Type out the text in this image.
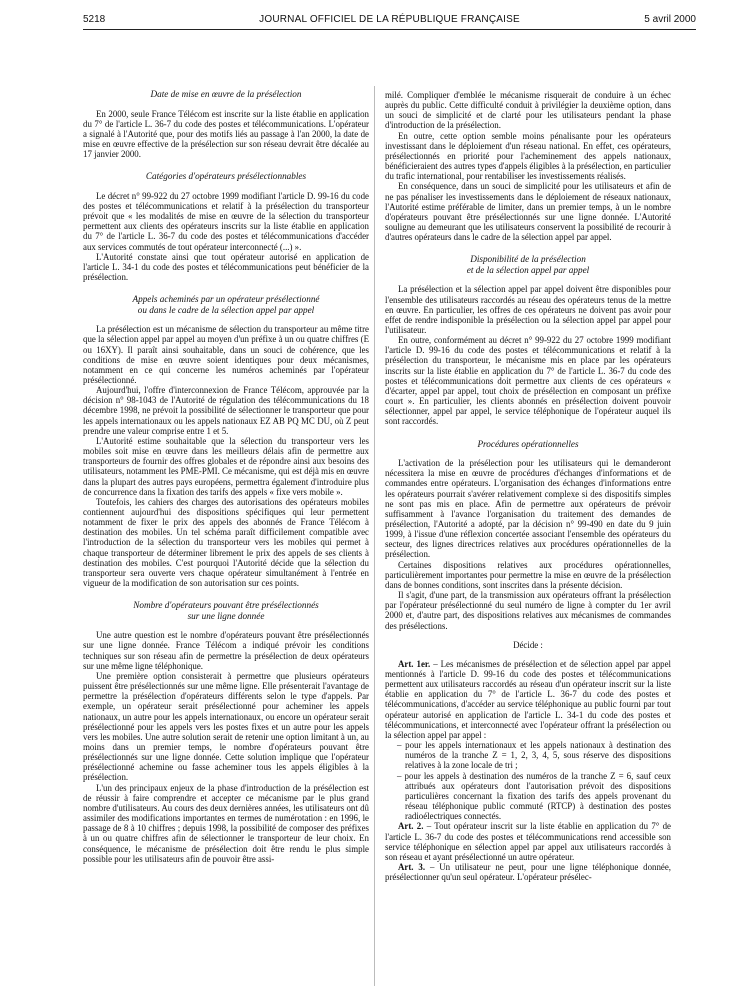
5218	JOURNAL OFFICIEL DE LA RÉPUBLIQUE FRANÇAISE	5 avril 2000
Date de mise en œuvre de la présélection

En 2000, seule France Télécom est inscrite sur la liste établie en application du 7° de l'article L. 36-7 du code des postes et télécommunications. L'opérateur a signalé à l'Autorité que, pour des motifs liés au passage à l'an 2000, la date de mise en œuvre effective de la présélection sur son réseau devrait être décalée au 17 janvier 2000.

Catégories d'opérateurs présélectionnables

Le décret n° 99-922 du 27 octobre 1999 modifiant l'article D. 99-16 du code des postes et télécommunications et relatif à la présélection du transporteur prévoit que « les modalités de mise en œuvre de la sélection du transporteur permettent aux clients des opérateurs inscrits sur la liste établie en application du 7° de l'article L. 36-7 du code des postes et télécommunications d'accéder aux services commutés de tout opérateur interconnecté (...) ».

L'Autorité constate ainsi que tout opérateur autorisé en application de l'article L. 34-1 du code des postes et télécommunications peut bénéficier de la présélection.

Appels acheminés par un opérateur présélectionné
ou dans le cadre de la sélection appel par appel

La présélection est un mécanisme de sélection du transporteur au même titre que la sélection appel par appel au moyen d'un préfixe à un ou quatre chiffres (E ou 16XY). Il paraît ainsi souhaitable, dans un souci de cohérence, que les conditions de mise en œuvre soient identiques pour deux mécanismes, notamment en ce qui concerne les numéros acheminés par l'opérateur présélectionné.

Aujourd'hui, l'offre d'interconnexion de France Télécom, approuvée par la décision n° 98-1043 de l'Autorité de régulation des télécommunications du 18 décembre 1998, ne prévoit la possibilité de sélectionner le transporteur que pour les appels internationaux ou les appels nationaux EZ AB PQ MC DU, où Z peut prendre une valeur comprise entre 1 et 5.

L'Autorité estime souhaitable que la sélection du transporteur vers les mobiles soit mise en œuvre dans les meilleurs délais afin de permettre aux transporteurs de fournir des offres globales et de répondre ainsi aux besoins des utilisateurs, notamment les PME-PMI. Ce mécanisme, qui est déjà mis en œuvre dans la plupart des autres pays européens, permettra également d'introduire plus de concurrence dans la fixation des tarifs des appels « fixe vers mobile ».

Toutefois, les cahiers des charges des autorisations des opérateurs mobiles contiennent aujourd'hui des dispositions spécifiques qui leur permettent notamment de fixer le prix des appels des abonnés de France Télécom à destination des mobiles. Un tel schéma paraît difficilement compatible avec l'introduction de la sélection du transporteur vers les mobiles qui permet à chaque transporteur de déterminer librement le prix des appels de ses clients à destination des mobiles. C'est pourquoi l'Autorité décide que la sélection du transporteur sera ouverte vers chaque opérateur simultanément à l'entrée en vigueur de la modification de son autorisation sur ces points.

Nombre d'opérateurs pouvant être présélectionnés
sur une ligne donnée

Une autre question est le nombre d'opérateurs pouvant être présélectionnés sur une ligne donnée. France Télécom a indiqué prévoir les conditions techniques sur son réseau afin de permettre la présélection de deux opérateurs sur une même ligne téléphonique.

Une première option consisterait à permettre que plusieurs opérateurs puissent être présélectionnés sur une même ligne. Elle présenterait l'avantage de permettre la présélection d'opérateurs différents selon le type d'appels. Par exemple, un opérateur serait présélectionné pour acheminer les appels nationaux, un autre pour les appels internationaux, ou encore un opérateur serait présélectionné pour les appels vers les postes fixes et un autre pour les appels vers les mobiles. Une autre solution serait de retenir une option limitant à un, au moins dans un premier temps, le nombre d'opérateurs pouvant être présélectionnés sur une ligne donnée. Cette solution implique que l'opérateur présélectionné achemine ou fasse acheminer tous les appels éligibles à la présélection.

L'un des principaux enjeux de la phase d'introduction de la présélection est de réussir à faire comprendre et accepter ce mécanisme par le plus grand nombre d'utilisateurs. Au cours des deux dernières années, les utilisateurs ont dû assimiler des modifications importantes en termes de numérotation : en 1996, le passage de 8 à 10 chiffres ; depuis 1998, la possibilité de composer des préfixes à un ou quatre chiffres afin de sélectionner le transporteur de leur choix. En conséquence, le mécanisme de présélection doit être rendu le plus simple possible pour les utilisateurs afin de pouvoir être assi-

milé. Compliquer d'emblée le mécanisme risquerait de conduire à un échec auprès du public. Cette difficulté conduit à privilégier la deuxième option, dans un souci de simplicité et de clarté pour les utilisateurs pendant la phase d'introduction de la présélection.

En outre, cette option semble moins pénalisante pour les opérateurs investissant dans le déploiement d'un réseau national. En effet, ces opérateurs, présélectionnés en priorité pour l'acheminement des appels nationaux, bénéficieraient des autres types d'appels éligibles à la présélection, en particulier du trafic international, pour rentabiliser les investissements réalisés.

En conséquence, dans un souci de simplicité pour les utilisateurs et afin de ne pas pénaliser les investissements dans le déploiement de réseaux nationaux, l'Autorité estime préférable de limiter, dans un premier temps, à un le nombre d'opérateurs pouvant être présélectionnés sur une ligne donnée. L'Autorité souligne au demeurant que les utilisateurs conservent la possibilité de recourir à d'autres opérateurs dans le cadre de la sélection appel par appel.

Disponibilité de la présélection
et de la sélection appel par appel

La présélection et la sélection appel par appel doivent être disponibles pour l'ensemble des utilisateurs raccordés au réseau des opérateurs tenus de la mettre en œuvre. En particulier, les offres de ces opérateurs ne doivent pas avoir pour effet de rendre indisponible la présélection ou la sélection appel par appel pour l'utilisateur.

En outre, conformément au décret n° 99-922 du 27 octobre 1999 modifiant l'article D. 99-16 du code des postes et télécommunications et relatif à la présélection du transporteur, le mécanisme mis en place par les opérateurs inscrits sur la liste établie en application du 7° de l'article L. 36-7 du code des postes et télécommunications doit permettre aux clients de ces opérateurs « d'écarter, appel par appel, tout choix de présélection en composant un préfixe court ». En particulier, les clients abonnés en présélection doivent pouvoir sélectionner, appel par appel, le service téléphonique de l'opérateur auquel ils sont raccordés.

Procédures opérationnelles

L'activation de la présélection pour les utilisateurs qui le demanderont nécessitera la mise en œuvre de procédures d'échanges d'informations et de commandes entre opérateurs. L'organisation des échanges d'informations entre les opérateurs pourrait s'avérer relativement complexe si des dispositifs simples ne sont pas mis en place. Afin de permettre aux opérateurs de prévoir suffisamment à l'avance l'organisation du traitement des demandes de présélection, l'Autorité a adopté, par la décision n° 99-490 en date du 9 juin 1999, à l'issue d'une réflexion concertée associant l'ensemble des opérateurs du secteur, des lignes directrices relatives aux procédures opérationnelles de la présélection.

Certaines dispositions relatives aux procédures opérationnelles, particulièrement importantes pour permettre la mise en œuvre de la présélection dans de bonnes conditions, sont inscrites dans la présente décision.

Il s'agit, d'une part, de la transmission aux opérateurs offrant la présélection par l'opérateur présélectionné du seul numéro de ligne à compter du 1er avril 2000 et, d'autre part, des dispositions relatives aux mécanismes de commandes des présélections.

Décide :

Art. 1er. – Les mécanismes de présélection et de sélection appel par appel mentionnés à l'article D. 99-16 du code des postes et télécommunications permettent aux utilisateurs raccordés au réseau d'un opérateur inscrit sur la liste établie en application du 7° de l'article L. 36-7 du code des postes et télécommunications, d'accéder au service téléphonique au public fourni par tout opérateur autorisé en application de l'article L. 34-1 du code des postes et télécommunications, et interconnecté avec l'opérateur offrant la présélection ou la sélection appel par appel :

– pour les appels internationaux et les appels nationaux à destination des numéros de la tranche Z = 1, 2, 3, 4, 5, sous réserve des dispositions relatives à la zone locale de tri ;
– pour les appels à destination des numéros de la tranche Z = 6, sauf ceux attribués aux opérateurs dont l'autorisation prévoit des dispositions particulières concernant la fixation des tarifs des appels provenant du réseau téléphonique public commuté (RTCP) à destination des postes radioélectriques connectés.

Art. 2. – Tout opérateur inscrit sur la liste établie en application du 7° de l'article L. 36-7 du code des postes et télécommunications rend accessible son service téléphonique en sélection appel par appel aux utilisateurs raccordés à son réseau et ayant présélectionné un autre opérateur.

Art. 3. – Un utilisateur ne peut, pour une ligne téléphonique donnée, présélectionner qu'un seul opérateur. L'opérateur présélec-
